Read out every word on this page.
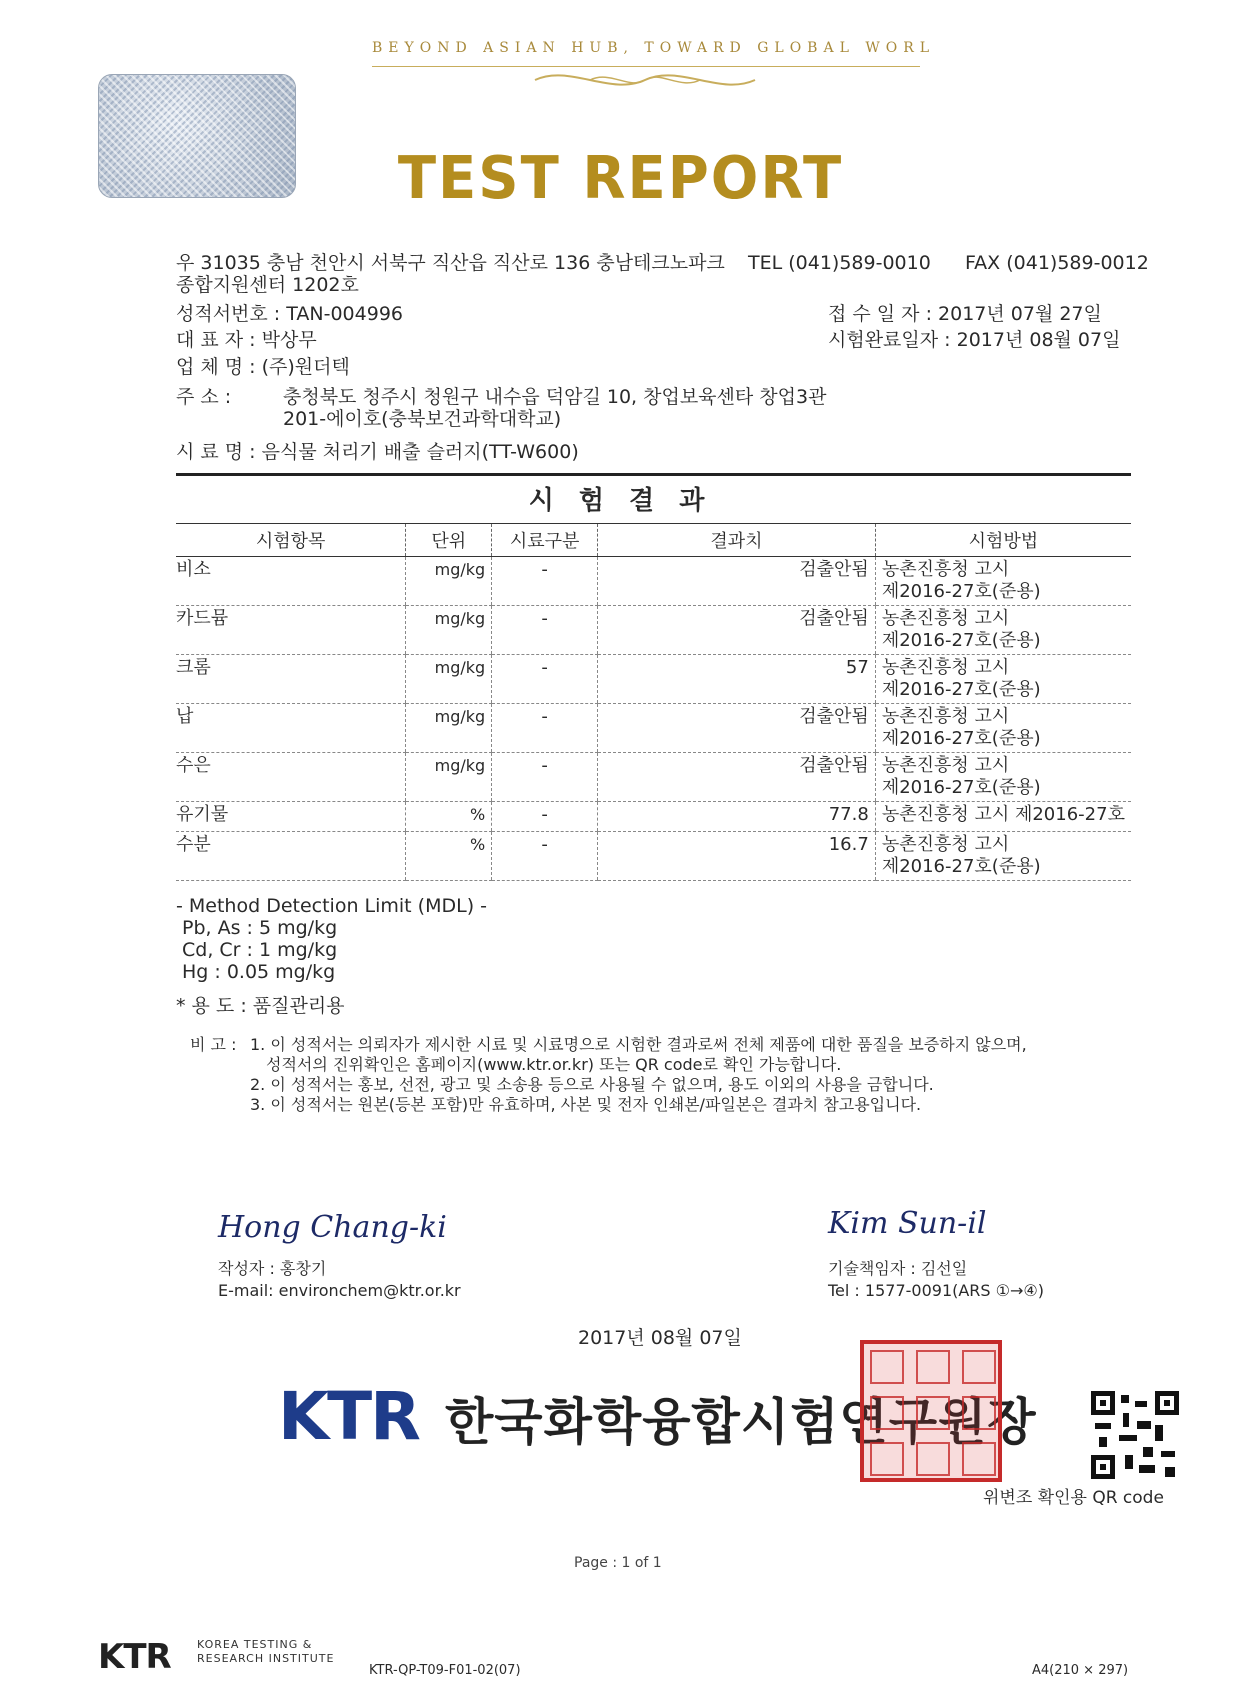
BEYOND ASIAN HUB, TOWARD GLOBAL WORL
TEST REPORT
우 31035 충남 천안시 서북구 직산읍 직산로 136 충남테크노파크
종합지원센터 1202호
TEL (041)589-0010 FAX (041)589-0012
성적서번호 : TAN-004996
대 표 자 : 박상무
업 체 명 : (주)원더텍
주 소 :	충청북도 청주시 청원구 내수읍 덕암길 10, 창업보육센타 창업3관
201-에이호(충북보건과학대학교)
시 료 명 : 음식물 처리기 배출 슬러지(TT-W600)
접 수 일 자 : 2017년 07월 27일
시험완료일자 : 2017년 08월 07일
시 험 결 과
시험항목	단위	시료구분	결과치	시험방법
비소	mg/kg	-	검출안됨	농촌진흥청 고시
제2016-27호(준용)

카드뮴	mg/kg	-	검출안됨	농촌진흥청 고시
제2016-27호(준용)

크롬	mg/kg	-	57	농촌진흥청 고시
제2016-27호(준용)

납	mg/kg	-	검출안됨	농촌진흥청 고시
제2016-27호(준용)

수은	mg/kg	-	검출안됨	농촌진흥청 고시
제2016-27호(준용)

유기물	%	-	77.8	농촌진흥청 고시 제2016-27호

수분	%	-	16.7	농촌진흥청 고시
제2016-27호(준용)
- Method Detection Limit (MDL) -
Pb, As : 5 mg/kg
Cd, Cr : 1 mg/kg
Hg : 0.05 mg/kg
* 용 도 : 품질관리용
비 고 : 1. 이 성적서는 의뢰자가 제시한 시료 및 시료명으로 시험한 결과로써 전체 제품에 대한 품질을 보증하지 않으며,
성적서의 진위확인은 홈페이지(www.ktr.or.kr) 또는 QR code로 확인 가능합니다.
2. 이 성적서는 홍보, 선전, 광고 및 소송용 등으로 사용될 수 없으며, 용도 이외의 사용을 금합니다.
3. 이 성적서는 원본(등본 포함)만 유효하며, 사본 및 전자 인쇄본/파일본은 결과치 참고용입니다.
Hong Chang-ki
작성자 : 홍창기
E-mail: environchem@ktr.or.kr
Kim Sun-il
기술책임자 : 김선일
Tel : 1577-0091(ARS ①→④)
2017년 08월 07일
KTR 한국화학융합시험연구원장
위변조 확인용 QR code
Page : 1 of 1
KTR KOREA TESTING &
RESEARCH INSTITUTE
KTR-QP-T09-F01-02(07)	A4(210 × 297)
